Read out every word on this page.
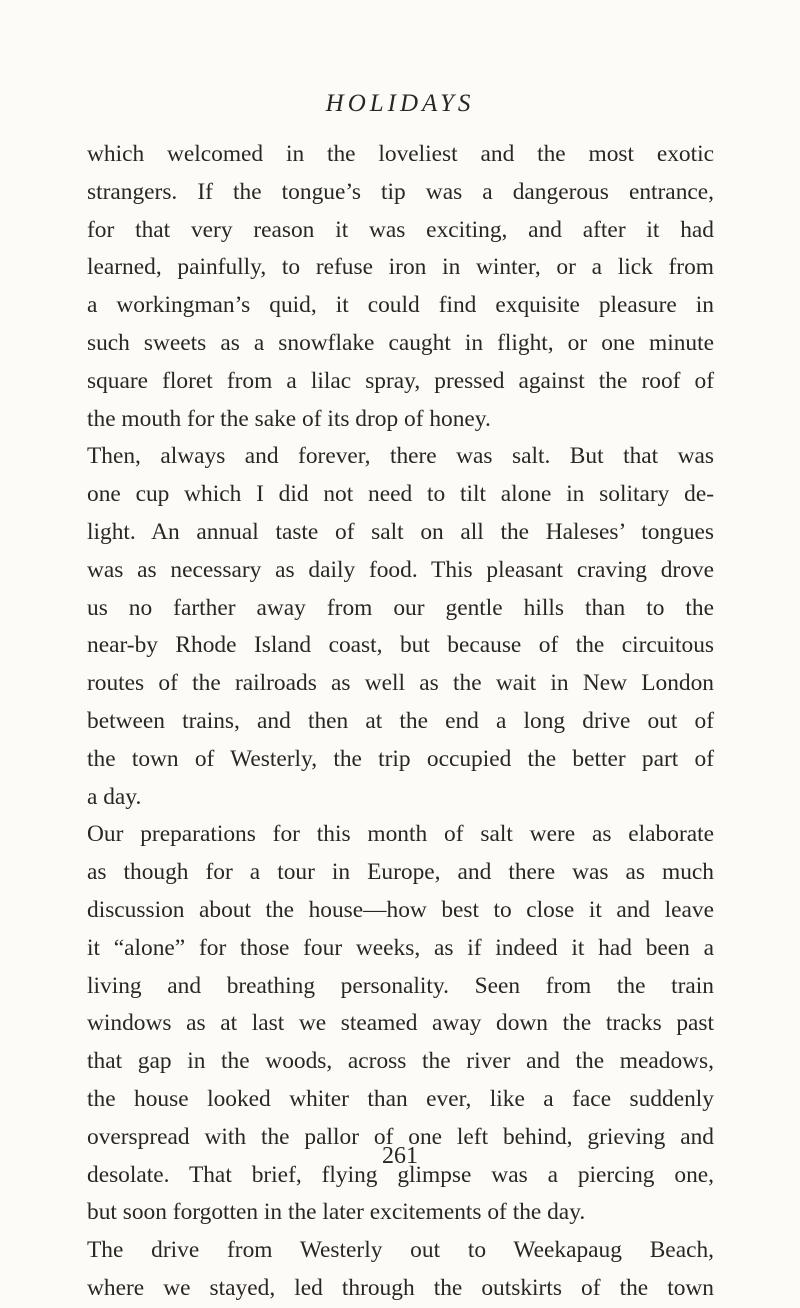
HOLIDAYS
which welcomed in the loveliest and the most exotic
strangers. If the tongue’s tip was a dangerous entrance,
for that very reason it was exciting, and after it had
learned, painfully, to refuse iron in winter, or a lick from
a workingman’s quid, it could find exquisite pleasure in
such sweets as a snowflake caught in flight, or one minute
square floret from a lilac spray, pressed against the roof of
the mouth for the sake of its drop of honey.
Then, always and forever, there was salt. But that was
one cup which I did not need to tilt alone in solitary de-
light. An annual taste of salt on all the Haleses’ tongues
was as necessary as daily food. This pleasant craving drove
us no farther away from our gentle hills than to the
near-by Rhode Island coast, but because of the circuitous
routes of the railroads as well as the wait in New London
between trains, and then at the end a long drive out of
the town of Westerly, the trip occupied the better part of
a day.
Our preparations for this month of salt were as elaborate
as though for a tour in Europe, and there was as much
discussion about the house—how best to close it and leave
it “alone” for those four weeks, as if indeed it had been a
living and breathing personality. Seen from the train
windows as at last we steamed away down the tracks past
that gap in the woods, across the river and the meadows,
the house looked whiter than ever, like a face suddenly
overspread with the pallor of one left behind, grieving and
desolate. That brief, flying glimpse was a piercing one,
but soon forgotten in the later excitements of the day.
The drive from Westerly out to Weekapaug Beach,
where we stayed, led through the outskirts of the town
261
